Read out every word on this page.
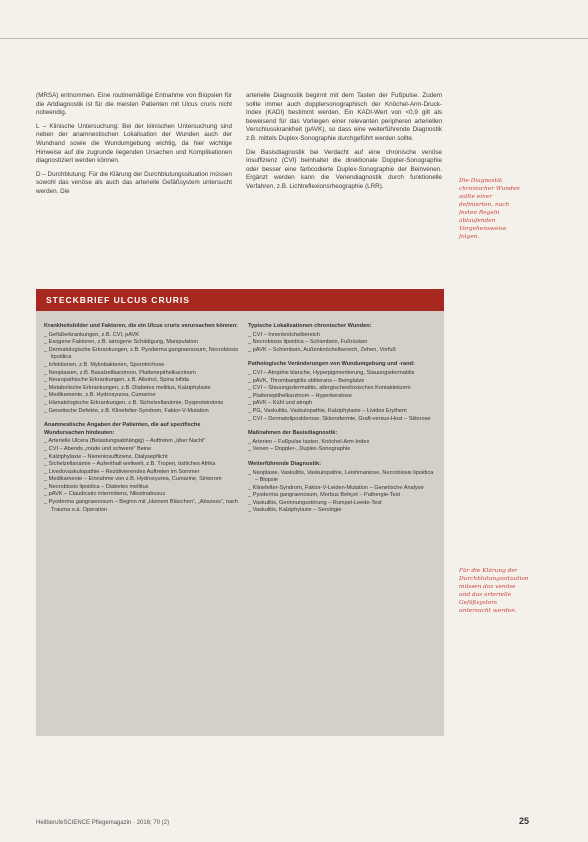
(MRSA) entnommen. Eine routinemäßige Entnahme von Biopsien für die Artdiagnostik ist für die meisten Patienten mit Ulcus cruris nicht notwendig.

L – Klinische Untersuchung: Bei der klinischen Untersuchung sind neben der anamnestischen Lokalisation der Wunden auch der Wundrand sowie die Wundumgebung wichtig, da hier wichtige Hinweise auf die zugrunde liegenden Ursachen und Komplikationen diagnostiziert werden können.

D – Durchblutung: Für die Klärung der Durchblutungssituation müssen sowohl das venöse als auch das arterielle Gefäßsystem untersucht werden. Die

arterielle Diagnostik beginnt mit dem Tasten der Fußpulse. Zudem sollte immer auch dopplersonographisch der Knöchel-Arm-Druck-Index (KADI) bestimmt werden. Ein KADI-Wert von <0,9 gilt als beweisend für das Vorliegen einer relevanten peripheren arteriellen Verschlusskrankheit (pAVK), so dass eine weiterführende Diagnostik z.B. mittels Duplex-Sonographie durchgeführt werden sollte.

Die Basisdiagnostik bei Verdacht auf eine chronische venöse Insuffizienz (CVI) beinhaltet die direktionale Doppler-Sonographie oder besser eine farbcodierte Duplex-Sonographie der Beinvenen. Ergänzt werden kann die Venendiagnostik durch funktionelle Verfahren, z.B. Lichtreflexionsrheographie (LRR).

Die Diagnostik chronischer Wunden sollte einer definierten, nach festen Regeln ablaufenden Vorgehensweise folgen.
Für die Klärung der Durchblutungssituation müssen das venöse und das arterielle Gefäßsystem untersucht werden.
STECKBRIEF ULCUS CRURIS
Krankheitsbilder und Faktoren, die ein Ulcus cruris verursachen können:
_ Gefäßerkrankungen, z.B. CVI, pAVK
_ Exogene Faktoren, z.B. iatrogene Schädigung, Manipulation
_ Dermatologische Erkrankungen, z.B. Pyoderma gangraenosum, Necrobiosis lipoidica
_ Infektionen, z.B. Mykobakterien, Sporotrichose
_ Neoplasien, z.B. Basalzellkarzinom, Plattenepithelkarzinom
_ Neuropathische Erkrankungen, z.B. Alkohol, Spina bifida
_ Metabolische Erkrankungen, z.B. Diabetes mellitus, Kalziphylaxie
_ Medikamente, z.B. Hydroxyurea, Cumarine
_ Hämatologische Erkrankungen, z.B. Sichelzellanämie, Dysproteinämie
_ Genetische Defekte, z.B. Klinefelter-Syndrom, Faktor-V-Mutation
Anamnestische Angaben der Patienten, die auf spezifische Wundursachen hindeuten:
_ Arterielle Ulcera (Belastungsabhängig) – Auftreten „über Nacht“
_ CVI – Abends „müde und schwere“ Beine
_ Kalziphylaxie – Niereninsuffizienz, Dialysepflicht
_ Sichelzellanämie – Aufenthalt weltweit, z.B. Tropen, östliches Afrika
_ Livedovaskulopathie – Rezidivierendes Auftreten im Sommer
_ Medikamente – Einnahme von z.B. Hydroxyurea, Cumarine, Sinterom
_ Necrobiosis lipoidica – Diabetes mellitus
_ pAVK – Claudicatio intermittens, Nikotinabusus
_ Pyoderma gangraenosum – Beginn mit „kleinem Bläschen“, „Abszess“, nach Trauma o.ä. Operation
Typische Lokalisationen chronischer Wunden:
_ CVI – Innenknöchelbereich
_ Necrobiosis lipoidica – Schienbein, Fußrücken
_ pAVK – Schienbein, Außenknöchelbereich, Zehen, Vorfuß
Pathologische Veränderungen von Wundumgebung und -rand:
_ CVI – Atrophie blanche, Hyperpigmentierung, Stauungsdermatitis
_ pAVK, Thrombangiitis obliterans – Beinglatze
_ CVI – Stauungsdermatitis, allergisches/toxisches Kontaktekzem
_ Plattenepithelkarzinom – Hyperkeratose
_ pAVK – Kühl und atroph
_ PG, Vaskulitis, Vaskulopathie, Kalziphylaxie – Livides Erythem
_ CVI – Dermatoliposklerose, Sklerodermie, Graft-versus-Host – Sklerose
Maßnahmen der Basisdiagnostik:
_ Arterien – Fußpulse tasten, Knöchel-Arm-Index
_ Venen – Doppler-, Duplex-Sonographie
Weiterführende Diagnostik:
_ Neoplasie, Vaskulitis, Vaskulopathie, Leishmaniose, Necrobiosis lipoidica – Biopsie
_ Klinefelter-Syndrom, Faktor-V-Leiden-Mutation – Genetische Analyse
_ Pyoderma gangraenosum, Morbus Behçet – Pathergie-Test
_ Vaskulitis, Gerinnungsstörung – Rumpel-Leede-Test
_ Vaskulitis, Kalziphylaxie – Serologie
HeilberufeSCIENCE Pflegemagazin · 2016; 70 (2)	25
